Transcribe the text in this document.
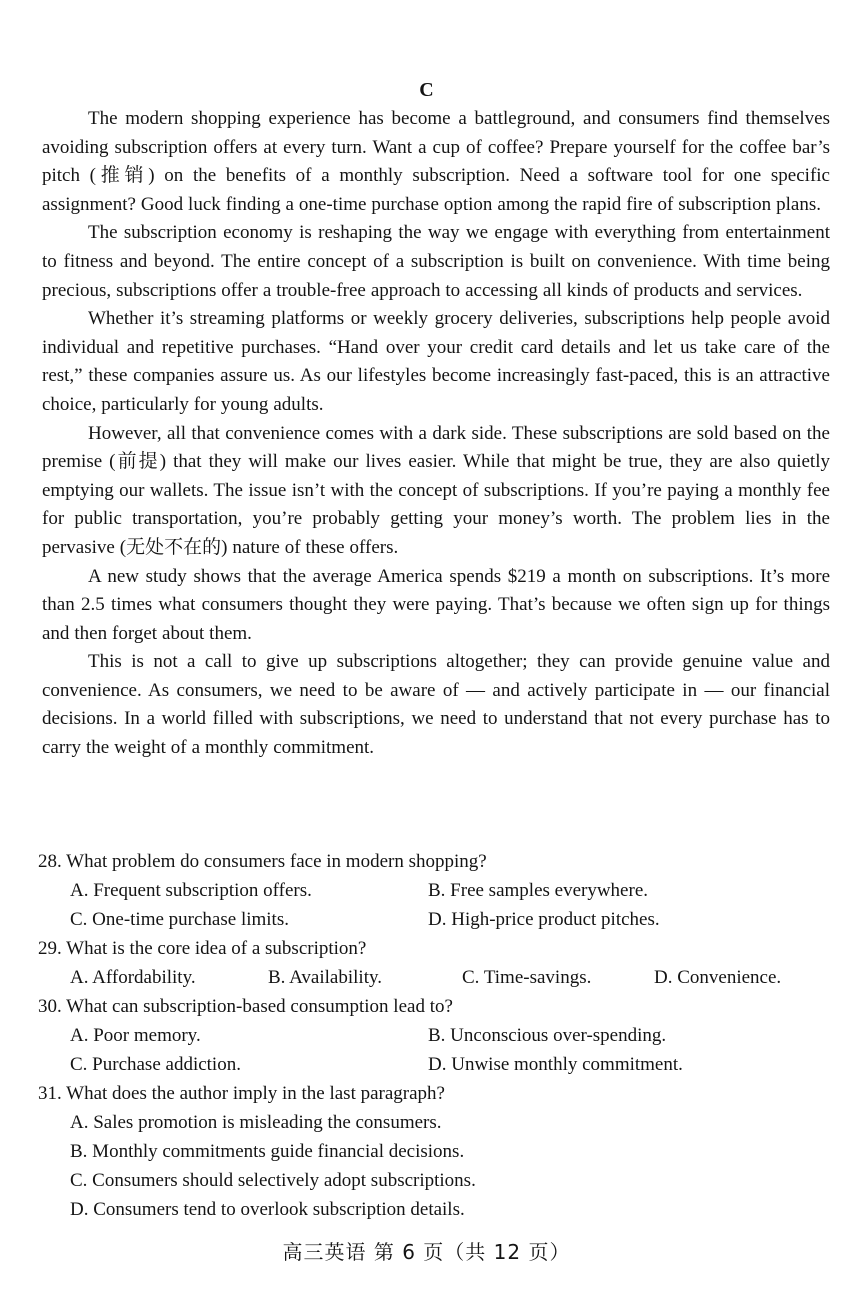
C

The modern shopping experience has become a battleground, and consumers find themselves avoiding subscription offers at every turn. Want a cup of coffee? Prepare yourself for the coffee bar’s pitch (推销) on the benefits of a monthly subscription. Need a software tool for one specific assignment? Good luck finding a one-time purchase option among the rapid fire of subscription plans.

The subscription economy is reshaping the way we engage with everything from entertainment to fitness and beyond. The entire concept of a subscription is built on convenience. With time being precious, subscriptions offer a trouble-free approach to accessing all kinds of products and services.

Whether it’s streaming platforms or weekly grocery deliveries, subscriptions help people avoid individual and repetitive purchases. “Hand over your credit card details and let us take care of the rest,” these companies assure us. As our lifestyles become increasingly fast-paced, this is an attractive choice, particularly for young adults.

However, all that convenience comes with a dark side. These subscriptions are sold based on the premise (前提) that they will make our lives easier. While that might be true, they are also quietly emptying our wallets. The issue isn’t with the concept of subscriptions. If you’re paying a monthly fee for public transportation, you’re probably getting your money’s worth. The problem lies in the pervasive (无处不在的) nature of these offers.

A new study shows that the average America spends $219 a month on subscriptions. It’s more than 2.5 times what consumers thought they were paying. That’s because we often sign up for things and then forget about them.

This is not a call to give up subscriptions altogether; they can provide genuine value and convenience. As consumers, we need to be aware of — and actively participate in — our financial decisions. In a world filled with subscriptions, we need to understand that not every purchase has to carry the weight of a monthly commitment.

28. What problem do consumers face in modern shopping?
A. Frequent subscription offers.	B. Free samples everywhere.
C. One-time purchase limits.	D. High-price product pitches.
29. What is the core idea of a subscription?
A. Affordability.	B. Availability.	C. Time-savings.	D. Convenience.
30. What can subscription-based consumption lead to?
A. Poor memory.	B. Unconscious over-spending.
C. Purchase addiction.	D. Unwise monthly commitment.
31. What does the author imply in the last paragraph?
A. Sales promotion is misleading the consumers.
B. Monthly commitments guide financial decisions.
C. Consumers should selectively adopt subscriptions.
D. Consumers tend to overlook subscription details.
高三英语 第 6 页（共 12 页）
